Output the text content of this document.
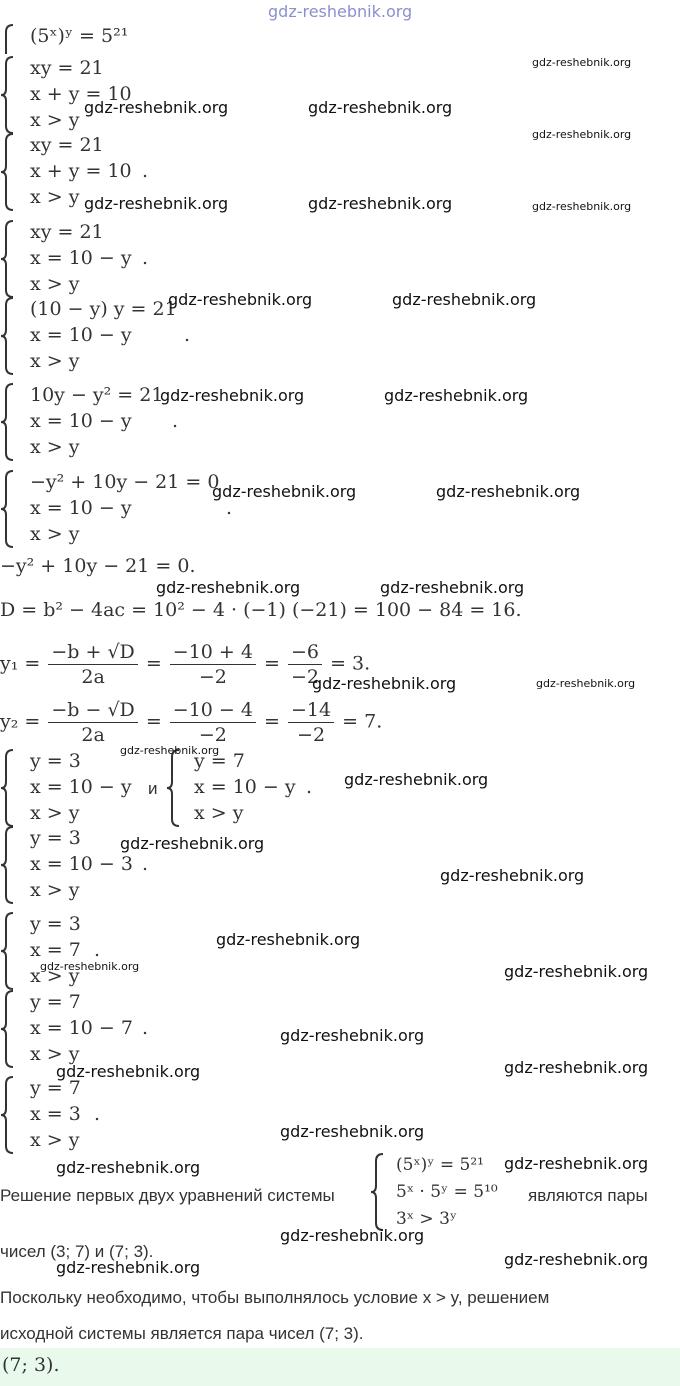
gdz-reshebnik.org
(5ˣ)ʸ = 5²¹
xy = 21
x + y = 10
x > y
xy = 21
x + y = 10
x > y
.
xy = 21
x = 10 − y
x > y
.
(10 − y) y = 21
x = 10 − y
x > y
.
10y − y² = 21
x = 10 − y
x > y
.
−y² + 10y − 21 = 0
x = 10 − y
x > y
.
−y² + 10y − 21 = 0.
D = b² − 4ac = 10² − 4 · (−1) (−21) = 100 − 84 = 16.
$y_1 = \frac{-b + √D}{2a} = \frac{-10 + 4}{-2} = \frac{-6}{-2} = 3$.
$y_2 = \frac{-b - √D}{2a} = \frac{-10 - 4}{-2} = \frac{-14}{-2} = 7$.
y = 3
x = 10 − y
x > y
и
y = 7
x = 10 − y
x > y
.
y = 3
x = 10 − 3
x > y
.
y = 3
x = 7
x > y
.
y = 7
x = 10 − 7
x > y
.
y = 7
x = 3
x > y
.
Решение первых двух уравнений системы
(5ˣ)ʸ = 5²¹
5ˣ · 5ʸ = 5¹⁰
3ˣ > 3ʸ
являются пары
чисел (3; 7) и (7; 3).
Поскольку необходимо, чтобы выполнялось условие x > y, решением
исходной системы является пара чисел (7; 3).
(7; 3).
gdz-reshebnik.org
gdz-reshebnik.org	gdz-reshebnik.org
gdz-reshebnik.org
gdz-reshebnik.org	gdz-reshebnik.org	gdz-reshebnik.org
gdz-reshebnik.org	gdz-reshebnik.org
gdz-reshebnik.org	gdz-reshebnik.org
gdz-reshebnik.org	gdz-reshebnik.org
gdz-reshebnik.org	gdz-reshebnik.org
gdz-reshebnik.org	gdz-reshebnik.org
gdz-reshebnik.org
gdz-reshebnik.org
gdz-reshebnik.org
gdz-reshebnik.org
gdz-reshebnik.org
gdz-reshebnik.org	gdz-reshebnik.org
gdz-reshebnik.org
gdz-reshebnik.org	gdz-reshebnik.org
gdz-reshebnik.org
gdz-reshebnik.org	gdz-reshebnik.org
gdz-reshebnik.org
gdz-reshebnik.org	gdz-reshebnik.org
